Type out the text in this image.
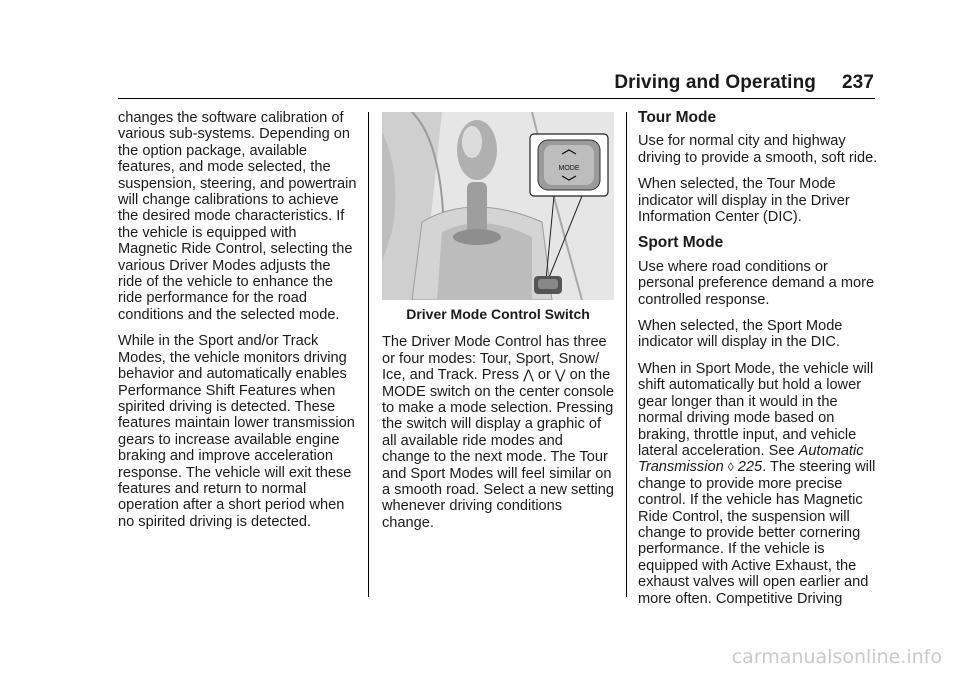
Driving and Operating 237

changes the software calibration of various sub-systems. Depending on the option package, available features, and mode selected, the suspension, steering, and powertrain will change calibrations to achieve the desired mode characteristics. If the vehicle is equipped with Magnetic Ride Control, selecting the various Driver Modes adjusts the ride of the vehicle to enhance the ride performance for the road conditions and the selected mode.

While in the Sport and/or Track Modes, the vehicle monitors driving behavior and automatically enables Performance Shift Features when spirited driving is detected. These features maintain lower transmission gears to increase available engine braking and improve acceleration response. The vehicle will exit these features and return to normal operation after a short period when no spirited driving is detected.

MODE
Driver Mode Control Switch

The Driver Mode Control has three or four modes: Tour, Sport, Snow/ Ice, and Track. Press ⋀ or ⋁ on the MODE switch on the center console to make a mode selection. Pressing the switch will display a graphic of all available ride modes and change to the next mode. The Tour and Sport Modes will feel similar on a smooth road. Select a new setting whenever driving conditions change.

Tour Mode

Use for normal city and highway driving to provide a smooth, soft ride.

When selected, the Tour Mode indicator will display in the Driver Information Center (DIC).

Sport Mode

Use where road conditions or personal preference demand a more controlled response.

When selected, the Sport Mode indicator will display in the DIC.

When in Sport Mode, the vehicle will shift automatically but hold a lower gear longer than it would in the normal driving mode based on braking, throttle input, and vehicle lateral acceleration. See Automatic Transmission ◊ 225. The steering will change to provide more precise control. If the vehicle has Magnetic Ride Control, the suspension will change to provide better cornering performance. If the vehicle is equipped with Active Exhaust, the exhaust valves will open earlier and more often. Competitive Driving

carmanualsonline.info
